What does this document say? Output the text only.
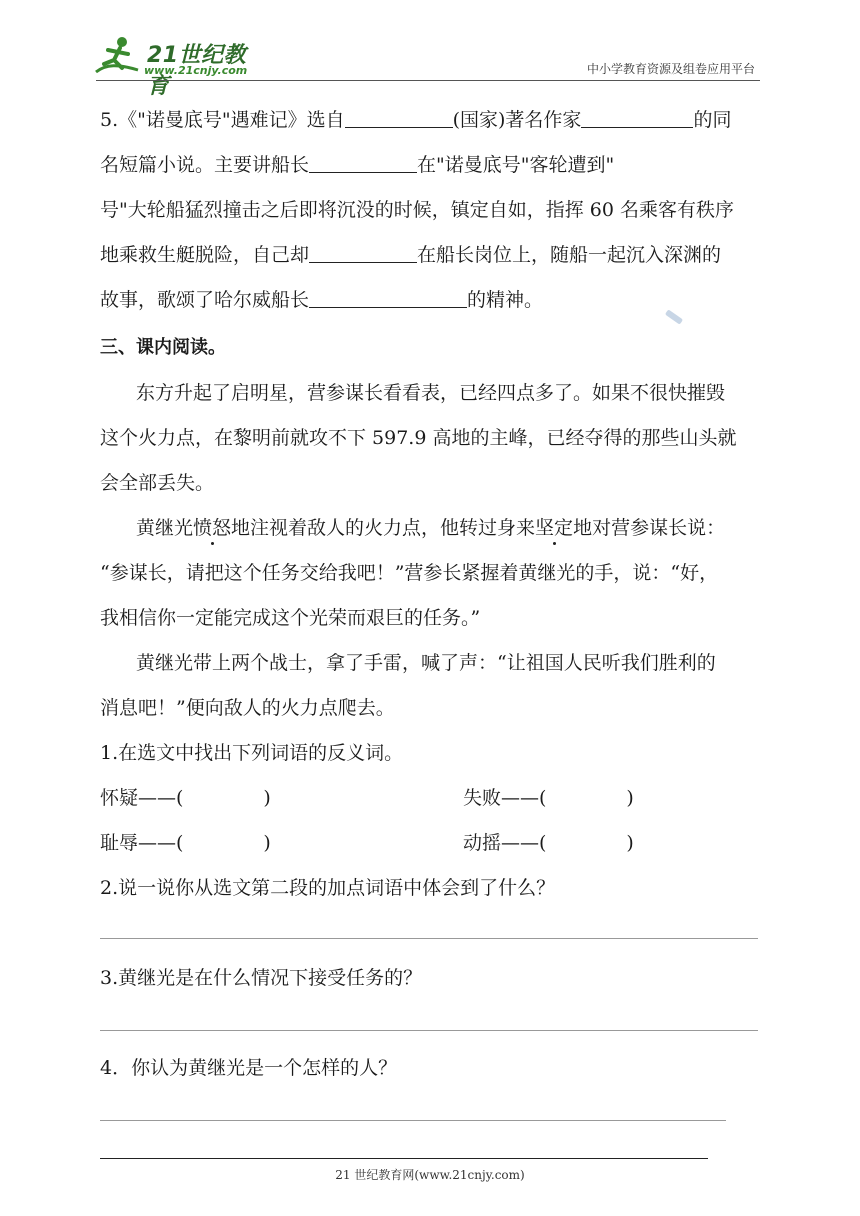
21世纪教育
www.21cnjy.com	中小学教育资源及组卷应用平台
5.《"诺曼底号"遇难记》选自	(国家)著名作家	的同
名短篇小说。主要讲船长	在"诺曼底号"客轮遭到"
号"大轮船猛烈撞击之后即将沉没的时候，镇定自如，指挥 60 名乘客有秩序
地乘救生艇脱险，自己却	在船长岗位上，随船一起沉入深渊的
故事，歌颂了哈尔威船长	的精神。
三、课内阅读。
东方升起了启明星，营参谋长看看表，已经四点多了。如果不很快摧毁
这个火力点，在黎明前就攻不下 597.9 高地的主峰，已经夺得的那些山头就
会全部丢失。
黄继光愤怒地注视着敌人的火力点，他转过身来坚定地对营参谋长说：
“参谋长，请把这个任务交给我吧！”营参长紧握着黄继光的手，说：“好，
我相信你一定能完成这个光荣而艰巨的任务。”
黄继光带上两个战士，拿了手雷，喊了声：“让祖国人民听我们胜利的
消息吧！”便向敌人的火力点爬去。
1.在选文中找出下列词语的反义词。
怀疑——(	)	失败——(	)
耻辱——(	)	动摇——(	)
2.说一说你从选文第二段的加点词语中体会到了什么？
3.黄继光是在什么情况下接受任务的？
4．你认为黄继光是一个怎样的人？
21 世纪教育网(www.21cnjy.com)
